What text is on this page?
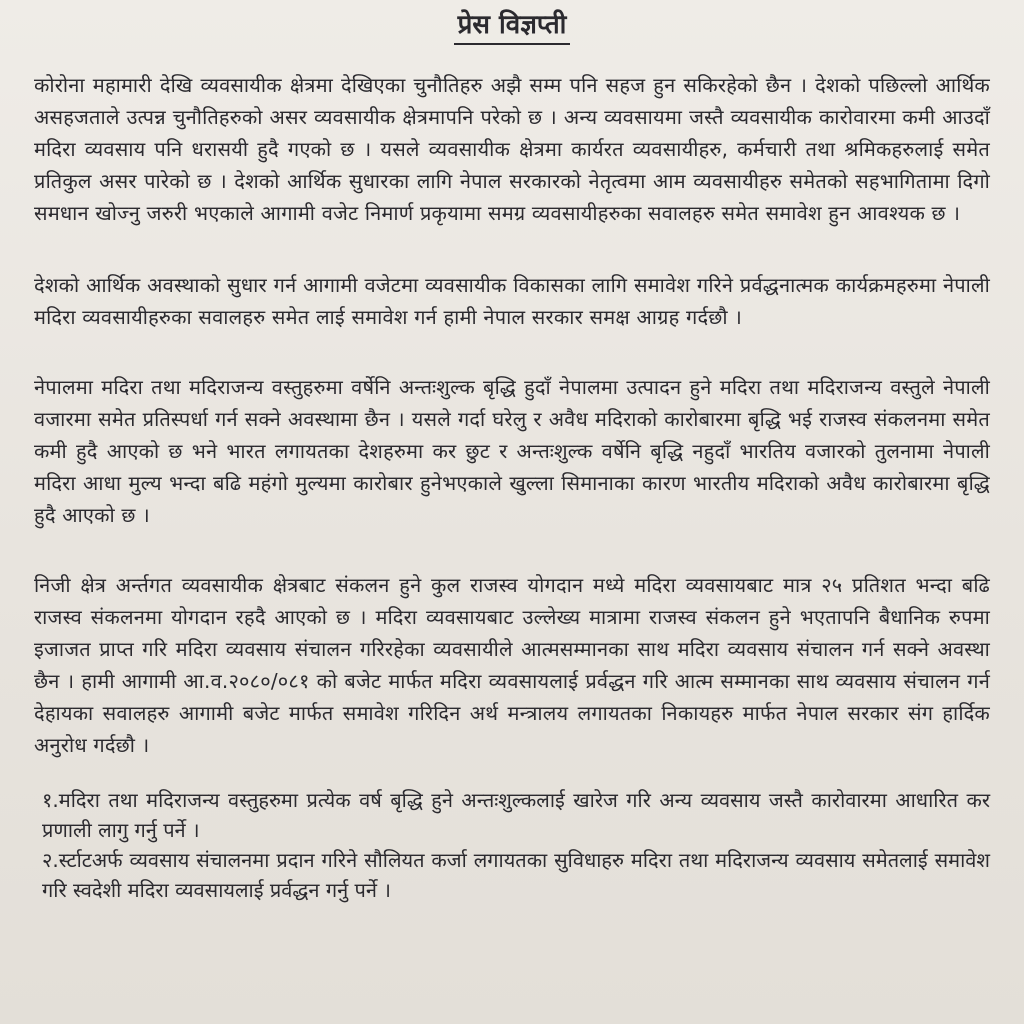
प्रेस विज्ञप्ती

कोरोना महामारी देखि व्यवसायीक क्षेत्रमा देखिएका चुनौतिहरु अझै सम्म पनि सहज हुन सकिरहेको छैन । देशको पछिल्लो आर्थिक असहजताले उत्पन्न चुनौतिहरुको असर व्यवसायीक क्षेत्रमापनि परेको छ । अन्य व्यवसायमा जस्तै व्यवसायीक कारोवारमा कमी आउदाँ मदिरा व्यवसाय पनि धरासयी हुदै गएको छ । यसले व्यवसायीक क्षेत्रमा कार्यरत व्यवसायीहरु, कर्मचारी तथा श्रमिकहरुलाई समेत प्रतिकुल असर पारेको छ । देशको आर्थिक सुधारका लागि नेपाल सरकारको नेतृत्वमा आम व्यवसायीहरु समेतको सहभागितामा दिगो समधान खोज्नु जरुरी भएकाले आगामी वजेट निमार्ण प्रकृयामा समग्र व्यवसायीहरुका सवालहरु समेत समावेश हुन आवश्यक छ ।

देशको आर्थिक अवस्थाको सुधार गर्न आगामी वजेटमा व्यवसायीक विकासका लागि समावेश गरिने प्रर्वद्धनात्मक कार्यक्रमहरुमा नेपाली मदिरा व्यवसायीहरुका सवालहरु समेत लाई समावेश गर्न हामी नेपाल सरकार समक्ष आग्रह गर्दछौ ।

नेपालमा मदिरा तथा मदिराजन्य वस्तुहरुमा वर्षेनि अन्तःशुल्क बृद्धि हुदाँ नेपालमा उत्पादन हुने मदिरा तथा मदिराजन्य वस्तुले नेपाली वजारमा समेत प्रतिस्पर्धा गर्न सक्ने अवस्थामा छैन । यसले गर्दा घरेलु र अवैध मदिराको कारोबारमा बृद्धि भई राजस्व संकलनमा समेत कमी हुदै आएको छ भने भारत लगायतका देशहरुमा कर छुट र अन्तःशुल्क वर्षेनि बृद्धि नहुदाँ भारतिय वजारको तुलनामा नेपाली मदिरा आधा मुल्य भन्दा बढि महंगो मुल्यमा कारोबार हुनेभएकाले खुल्ला सिमानाका कारण भारतीय मदिराको अवैध कारोबारमा बृद्धि हुदै आएको छ ।

निजी क्षेत्र अर्न्तगत व्यवसायीक क्षेत्रबाट संकलन हुने कुल राजस्व योगदान मध्ये मदिरा व्यवसायबाट मात्र २५ प्रतिशत भन्दा बढि राजस्व संकलनमा योगदान रहदै आएको छ । मदिरा व्यवसायबाट उल्लेख्य मात्रामा राजस्व संकलन हुने भएतापनि बैधानिक रुपमा इजाजत प्राप्त गरि मदिरा व्यवसाय संचालन गरिरहेका व्यवसायीले आत्मसम्मानका साथ मदिरा व्यवसाय संचालन गर्न सक्ने अवस्था छैन । हामी आगामी आ.व.२०८०/०८१ को बजेट मार्फत मदिरा व्यवसायलाई प्रर्वद्धन गरि आत्म सम्मानका साथ व्यवसाय संचालन गर्न देहायका सवालहरु आगामी बजेट मार्फत समावेश गरिदिन अर्थ मन्त्रालय लगायतका निकायहरु मार्फत नेपाल सरकार संग हार्दिक अनुरोध गर्दछौ ।

१.मदिरा तथा मदिराजन्य वस्तुहरुमा प्रत्येक वर्ष बृद्धि हुने अन्तःशुल्कलाई खारेज गरि अन्य व्यवसाय जस्तै कारोवारमा आधारित कर प्रणाली लागु गर्नु पर्ने ।
२.र्स्टाटअर्फ व्यवसाय संचालनमा प्रदान गरिने सौलियत कर्जा लगायतका सुविधाहरु मदिरा तथा मदिराजन्य व्यवसाय समेतलाई समावेश गरि स्वदेशी मदिरा व्यवसायलाई प्रर्वद्धन गर्नु पर्ने ।
